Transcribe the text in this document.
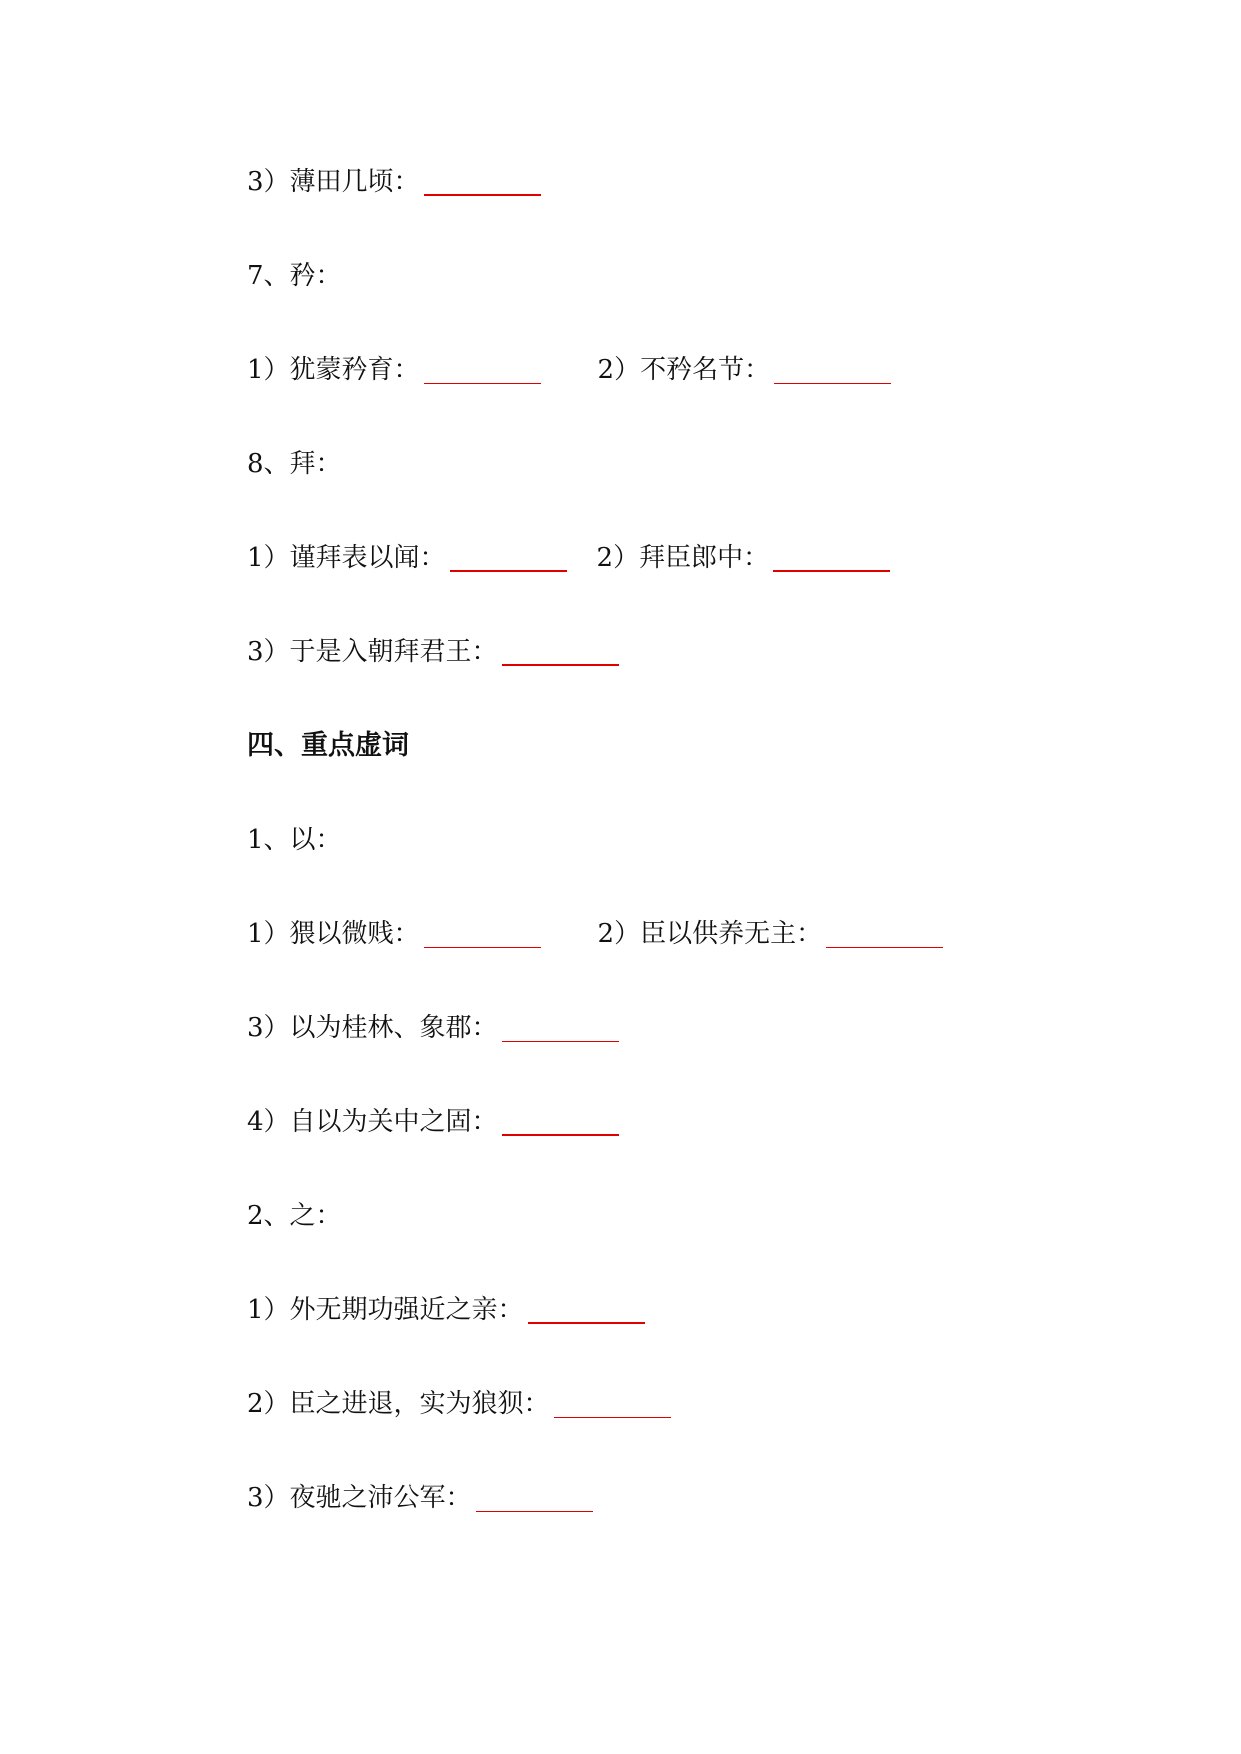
3）薄田几顷：
7、矜：
1）犹蒙矜育：	2）不矜名节：
8、拜：
1）谨拜表以闻：	2）拜臣郎中：
3）于是入朝拜君王：
四、重点虚词
1、以：
1）猥以微贱：	2）臣以供养无主：
3）以为桂林、象郡：
4）自以为关中之固：
2、之：
1）外无期功强近之亲：
2）臣之进退，实为狼狈：
3）夜驰之沛公军：
